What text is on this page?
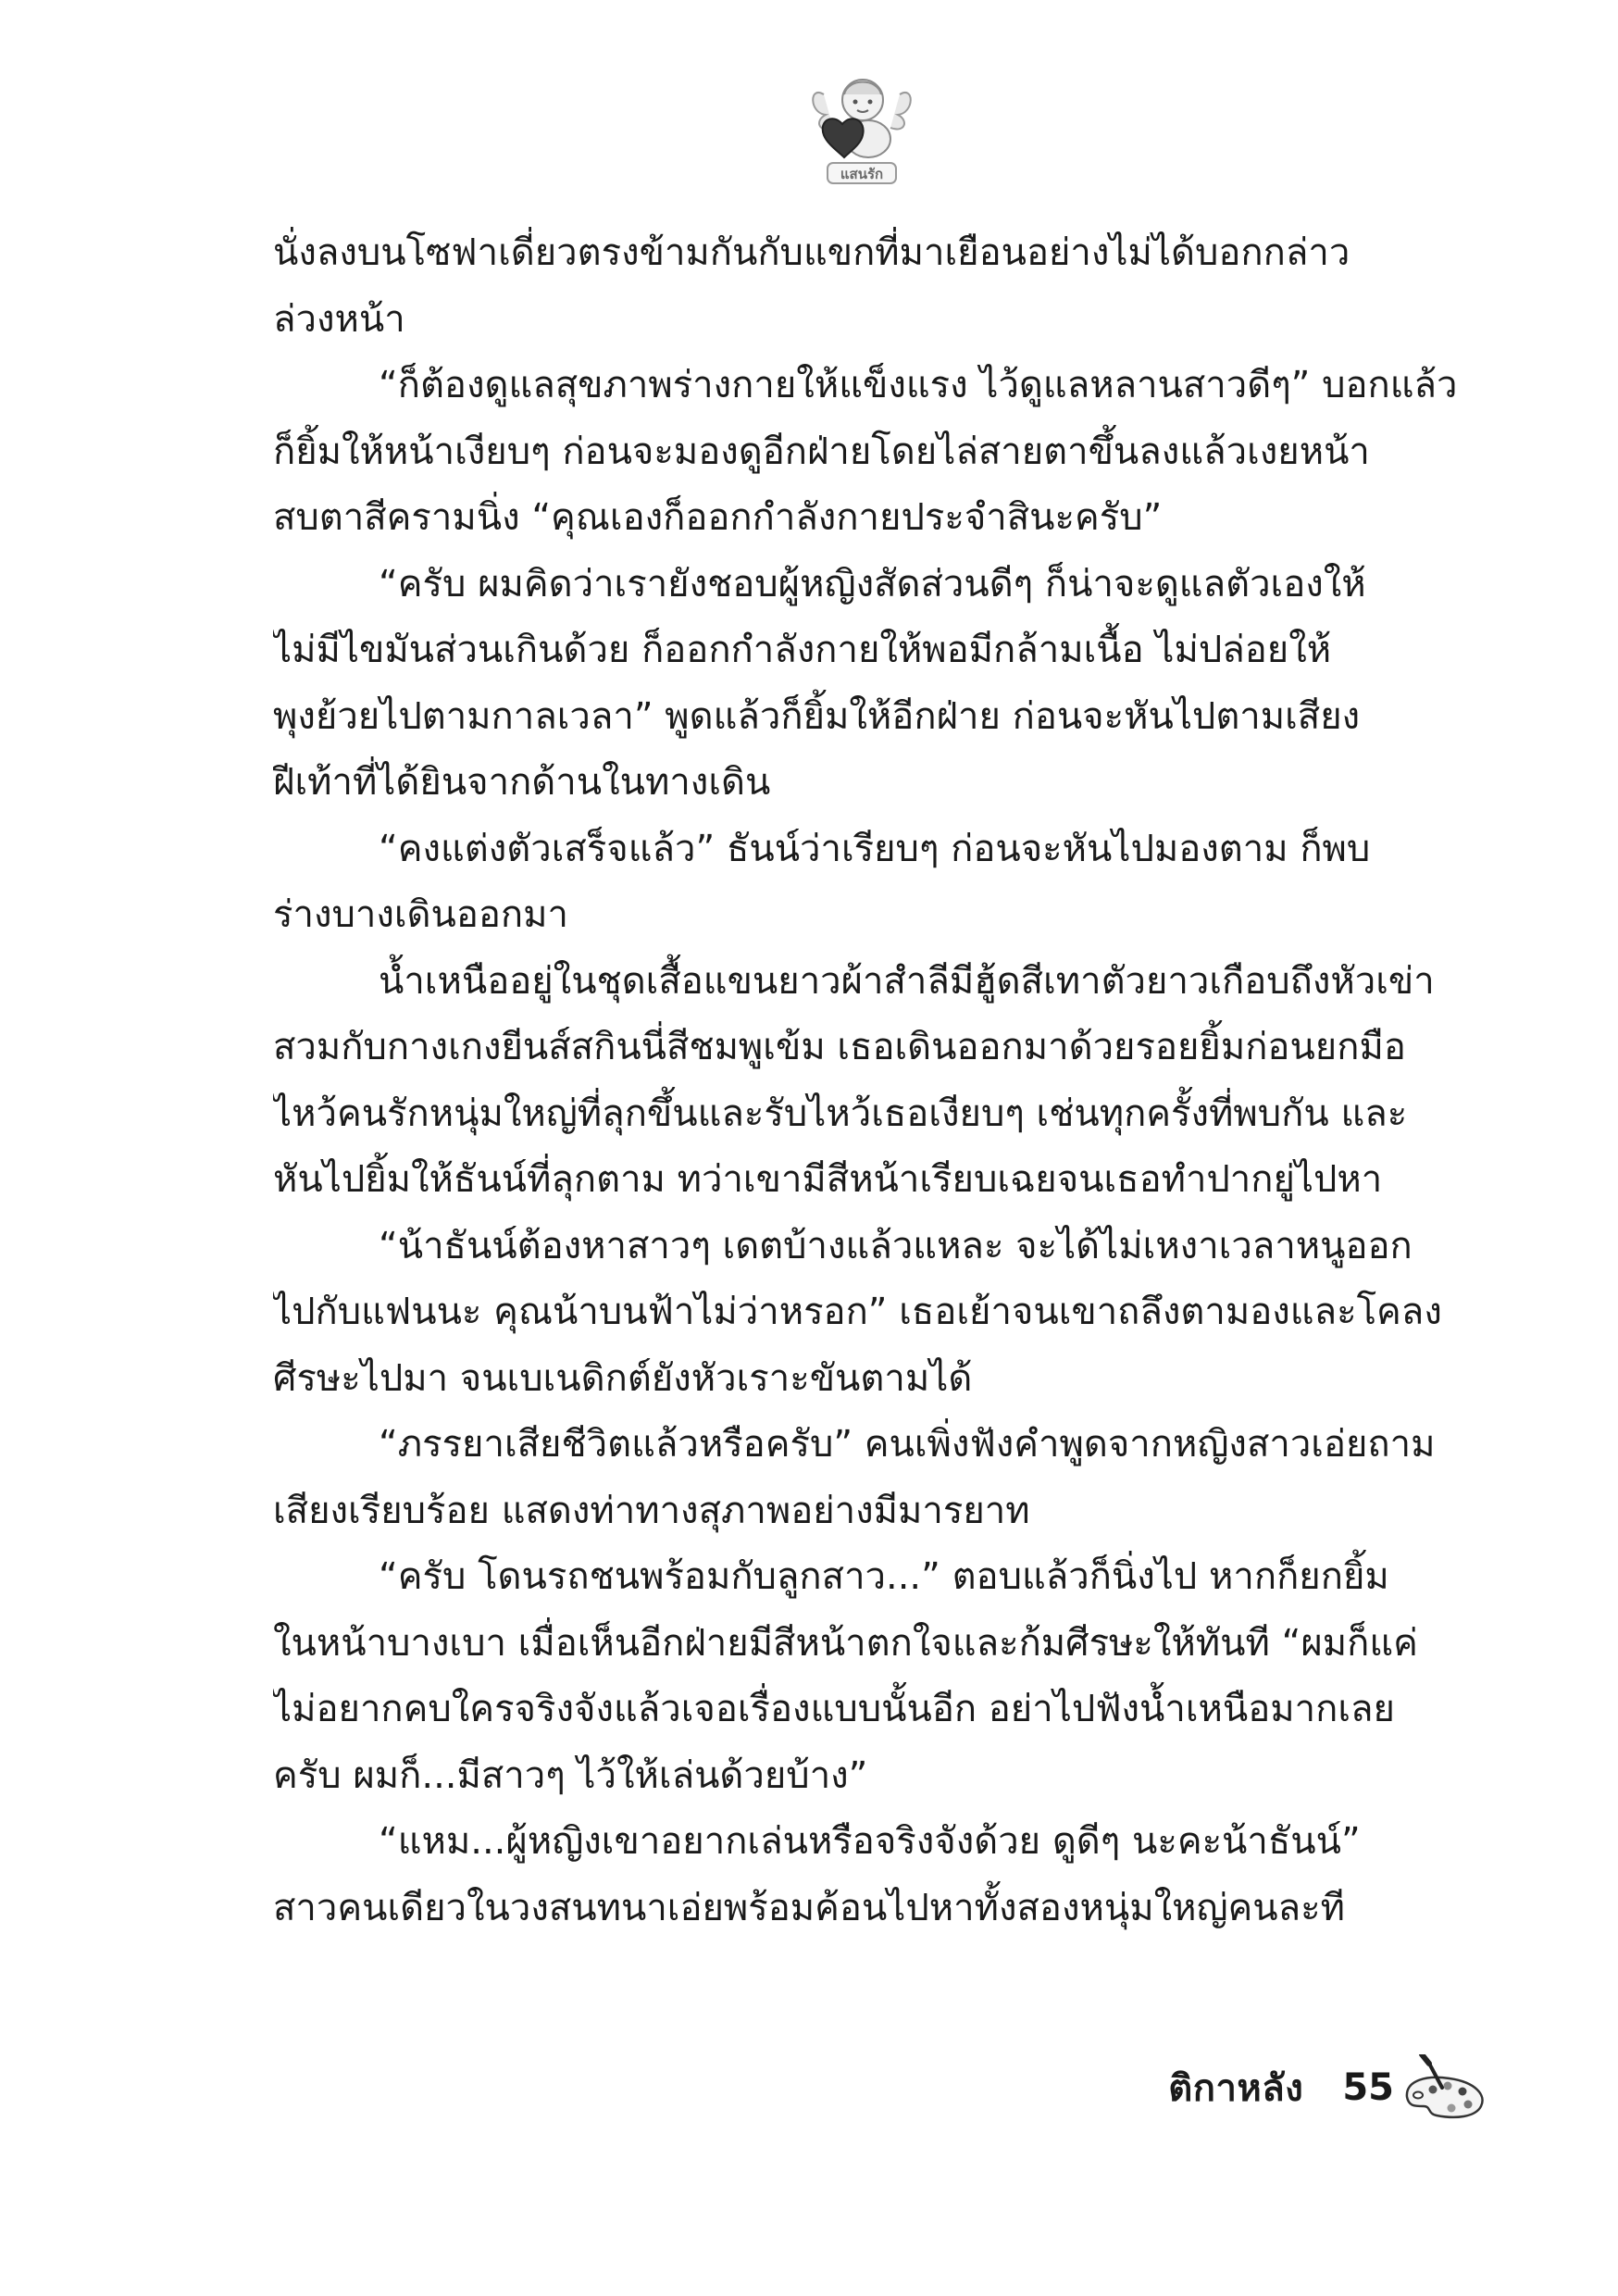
แสนรัก
นั่งลงบนโซฟาเดี่ยวตรงข้ามกันกับแขกที่มาเยือนอย่างไม่ได้บอกกล่าว
ล่วงหน้า
“ก็ต้องดูแลสุขภาพร่างกายให้แข็งแรง ไว้ดูแลหลานสาวดีๆ” บอกแล้ว
ก็ยิ้มให้หน้าเงียบๆ ก่อนจะมองดูอีกฝ่ายโดยไล่สายตาขึ้นลงแล้วเงยหน้า
สบตาสีครามนิ่ง “คุณเองก็ออกกำลังกายประจำสินะครับ”
“ครับ ผมคิดว่าเรายังชอบผู้หญิงสัดส่วนดีๆ ก็น่าจะดูแลตัวเองให้
ไม่มีไขมันส่วนเกินด้วย ก็ออกกำลังกายให้พอมีกล้ามเนื้อ ไม่ปล่อยให้
พุงย้วยไปตามกาลเวลา” พูดแล้วก็ยิ้มให้อีกฝ่าย ก่อนจะหันไปตามเสียง
ฝีเท้าที่ได้ยินจากด้านในทางเดิน
“คงแต่งตัวเสร็จแล้ว” ธันน์ว่าเรียบๆ ก่อนจะหันไปมองตาม ก็พบ
ร่างบางเดินออกมา
น้ำเหนืออยู่ในชุดเสื้อแขนยาวผ้าสำลีมีฮู้ดสีเทาตัวยาวเกือบถึงหัวเข่า
สวมกับกางเกงยีนส์สกินนี่สีชมพูเข้ม เธอเดินออกมาด้วยรอยยิ้มก่อนยกมือ
ไหว้คนรักหนุ่มใหญ่ที่ลุกขึ้นและรับไหว้เธอเงียบๆ เช่นทุกครั้งที่พบกัน และ
หันไปยิ้มให้ธันน์ที่ลุกตาม ทว่าเขามีสีหน้าเรียบเฉยจนเธอทำปากยู่ไปหา
“น้าธันน์ต้องหาสาวๆ เดตบ้างแล้วแหละ จะได้ไม่เหงาเวลาหนูออก
ไปกับแฟนนะ คุณน้าบนฟ้าไม่ว่าหรอก” เธอเย้าจนเขาถลึงตามองและโคลง
ศีรษะไปมา จนเบเนดิกต์ยังหัวเราะขันตามได้
“ภรรยาเสียชีวิตแล้วหรือครับ” คนเพิ่งฟังคำพูดจากหญิงสาวเอ่ยถาม
เสียงเรียบร้อย แสดงท่าทางสุภาพอย่างมีมารยาท
“ครับ โดนรถชนพร้อมกับลูกสาว...” ตอบแล้วก็นิ่งไป หากก็ยกยิ้ม
ในหน้าบางเบา เมื่อเห็นอีกฝ่ายมีสีหน้าตกใจและก้มศีรษะให้ทันที “ผมก็แค่
ไม่อยากคบใครจริงจังแล้วเจอเรื่องแบบนั้นอีก อย่าไปฟังน้ำเหนือมากเลย
ครับ ผมก็...มีสาวๆ ไว้ให้เล่นด้วยบ้าง”
“แหม...ผู้หญิงเขาอยากเล่นหรือจริงจังด้วย ดูดีๆ นะคะน้าธันน์”
สาวคนเดียวในวงสนทนาเอ่ยพร้อมค้อนไปหาทั้งสองหนุ่มใหญ่คนละที
ติกาหลัง 55
